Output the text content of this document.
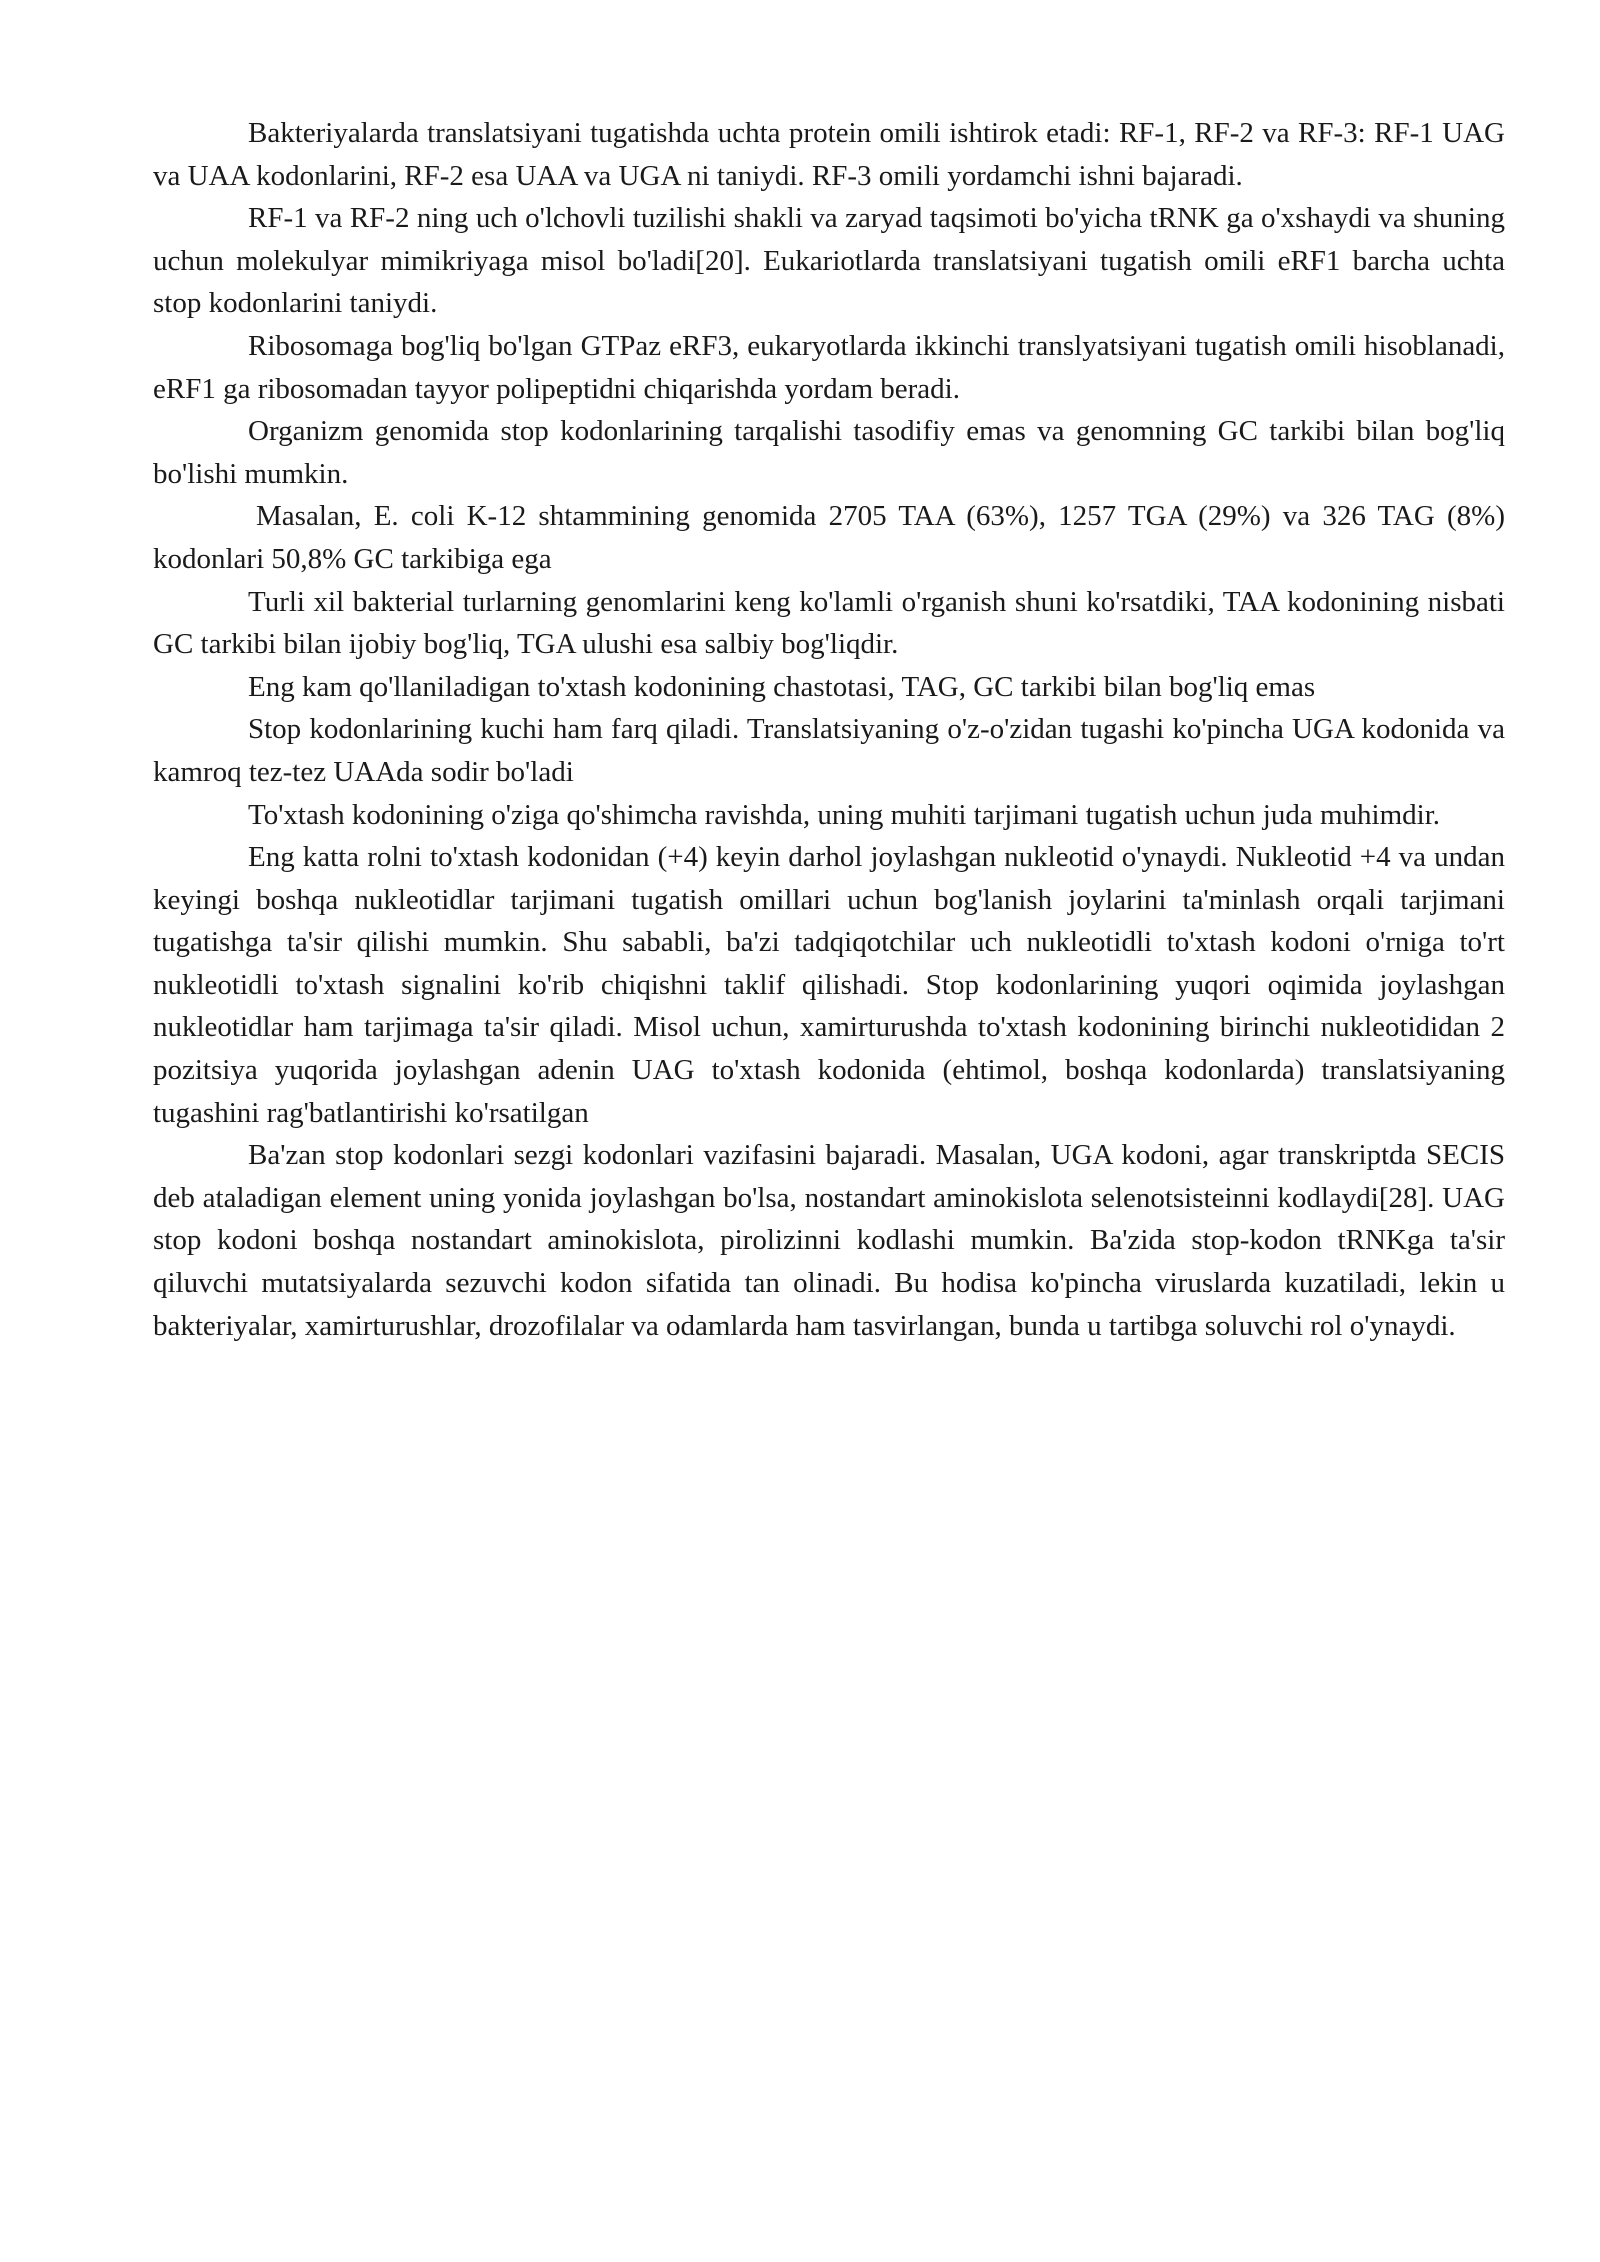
Bakteriyalarda translatsiyani tugatishda uchta protein omili ishtirok etadi: RF-1, RF-2 va RF-3: RF-1 UAG va UAA kodonlarini, RF-2 esa UAA va UGA ni taniydi. RF-3 omili yordamchi ishni bajaradi.

RF-1 va RF-2 ning uch o'lchovli tuzilishi shakli va zaryad taqsimoti bo'yicha tRNK ga o'xshaydi va shuning uchun molekulyar mimikriyaga misol bo'ladi[20]. Eukariotlarda translatsiyani tugatish omili eRF1 barcha uchta stop kodonlarini taniydi.

Ribosomaga bog'liq bo'lgan GTPaz eRF3, eukaryotlarda ikkinchi translyatsiyani tugatish omili hisoblanadi, eRF1 ga ribosomadan tayyor polipeptidni chiqarishda yordam beradi.

Organizm genomida stop kodonlarining tarqalishi tasodifiy emas va genomning GC tarkibi bilan bog'liq bo'lishi mumkin.

Masalan, E. coli K-12 shtammining genomida 2705 TAA (63%), 1257 TGA (29%) va 326 TAG (8%) kodonlari 50,8% GC tarkibiga ega

Turli xil bakterial turlarning genomlarini keng ko'lamli o'rganish shuni ko'rsatdiki, TAA kodonining nisbati GC tarkibi bilan ijobiy bog'liq, TGA ulushi esa salbiy bog'liqdir.

Eng kam qo'llaniladigan to'xtash kodonining chastotasi, TAG, GC tarkibi bilan bog'liq emas

Stop kodonlarining kuchi ham farq qiladi. Translatsiyaning o'z-o'zidan tugashi ko'pincha UGA kodonida va kamroq tez-tez UAAda sodir bo'ladi

To'xtash kodonining o'ziga qo'shimcha ravishda, uning muhiti tarjimani tugatish uchun juda muhimdir.

Eng katta rolni to'xtash kodonidan (+4) keyin darhol joylashgan nukleotid o'ynaydi. Nukleotid +4 va undan keyingi boshqa nukleotidlar tarjimani tugatish omillari uchun bog'lanish joylarini ta'minlash orqali tarjimani tugatishga ta'sir qilishi mumkin. Shu sababli, ba'zi tadqiqotchilar uch nukleotidli to'xtash kodoni o'rniga to'rt nukleotidli to'xtash signalini ko'rib chiqishni taklif qilishadi. Stop kodonlarining yuqori oqimida joylashgan nukleotidlar ham tarjimaga ta'sir qiladi. Misol uchun, xamirturushda to'xtash kodonining birinchi nukleotididan 2 pozitsiya yuqorida joylashgan adenin UAG to'xtash kodonida (ehtimol, boshqa kodonlarda) translatsiyaning tugashini rag'batlantirishi ko'rsatilgan

Ba'zan stop kodonlari sezgi kodonlari vazifasini bajaradi. Masalan, UGA kodoni, agar transkriptda SECIS deb ataladigan element uning yonida joylashgan bo'lsa, nostandart aminokislota selenotsisteinni kodlaydi[28]. UAG stop kodoni boshqa nostandart aminokislota, pirolizinni kodlashi mumkin. Ba'zida stop-kodon tRNKga ta'sir qiluvchi mutatsiyalarda sezuvchi kodon sifatida tan olinadi. Bu hodisa ko'pincha viruslarda kuzatiladi, lekin u bakteriyalar, xamirturushlar, drozofilalar va odamlarda ham tasvirlangan, bunda u tartibga soluvchi rol o'ynaydi.
